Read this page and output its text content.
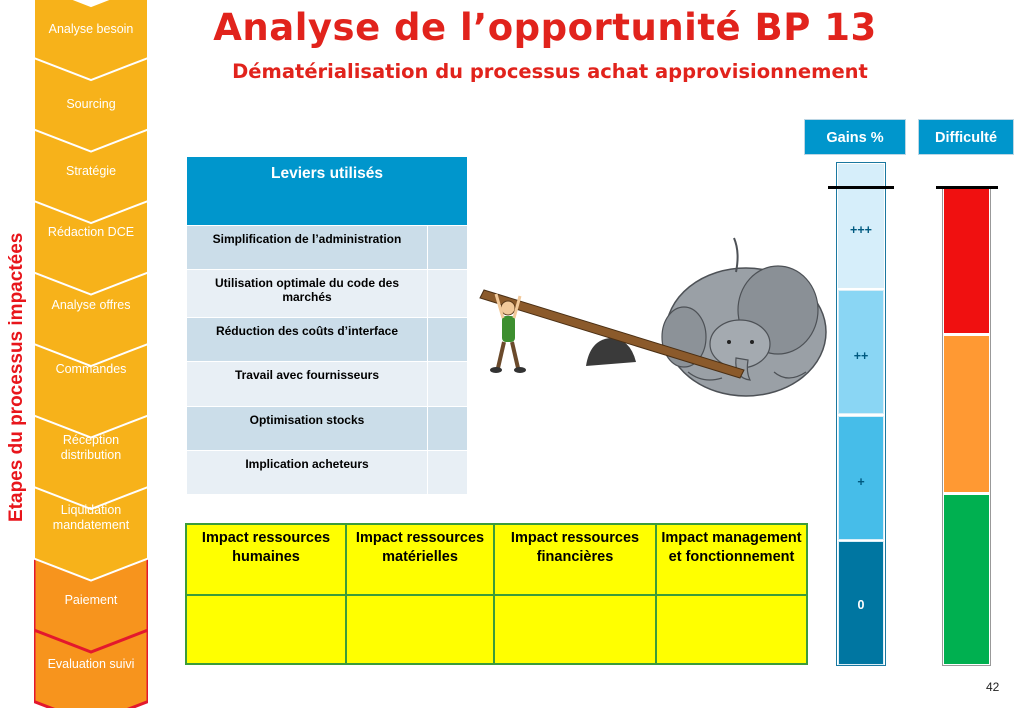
Analyse besoin
Sourcing
Stratégie
Rédaction DCE
Analyse offres
Commandes
Réception distribution
Liquidation mandatement
Paiement
Evaluation suivi
Etapes du processus impactées
Analyse de l’opportunité BP 13
Dématérialisation du processus achat approvisionnement
Leviers utilisés	
Simplification de l’administration	
Utilisation optimale du code des marchés	
Réduction des coûts d’interface	
Travail avec fournisseurs	
Optimisation stocks	
Implication acheteurs	
Impact ressources humaines	Impact ressources matérielles	Impact ressources financières	Impact management et fonctionnement

Gains %	Difficulté
+++
++
+
0
42
